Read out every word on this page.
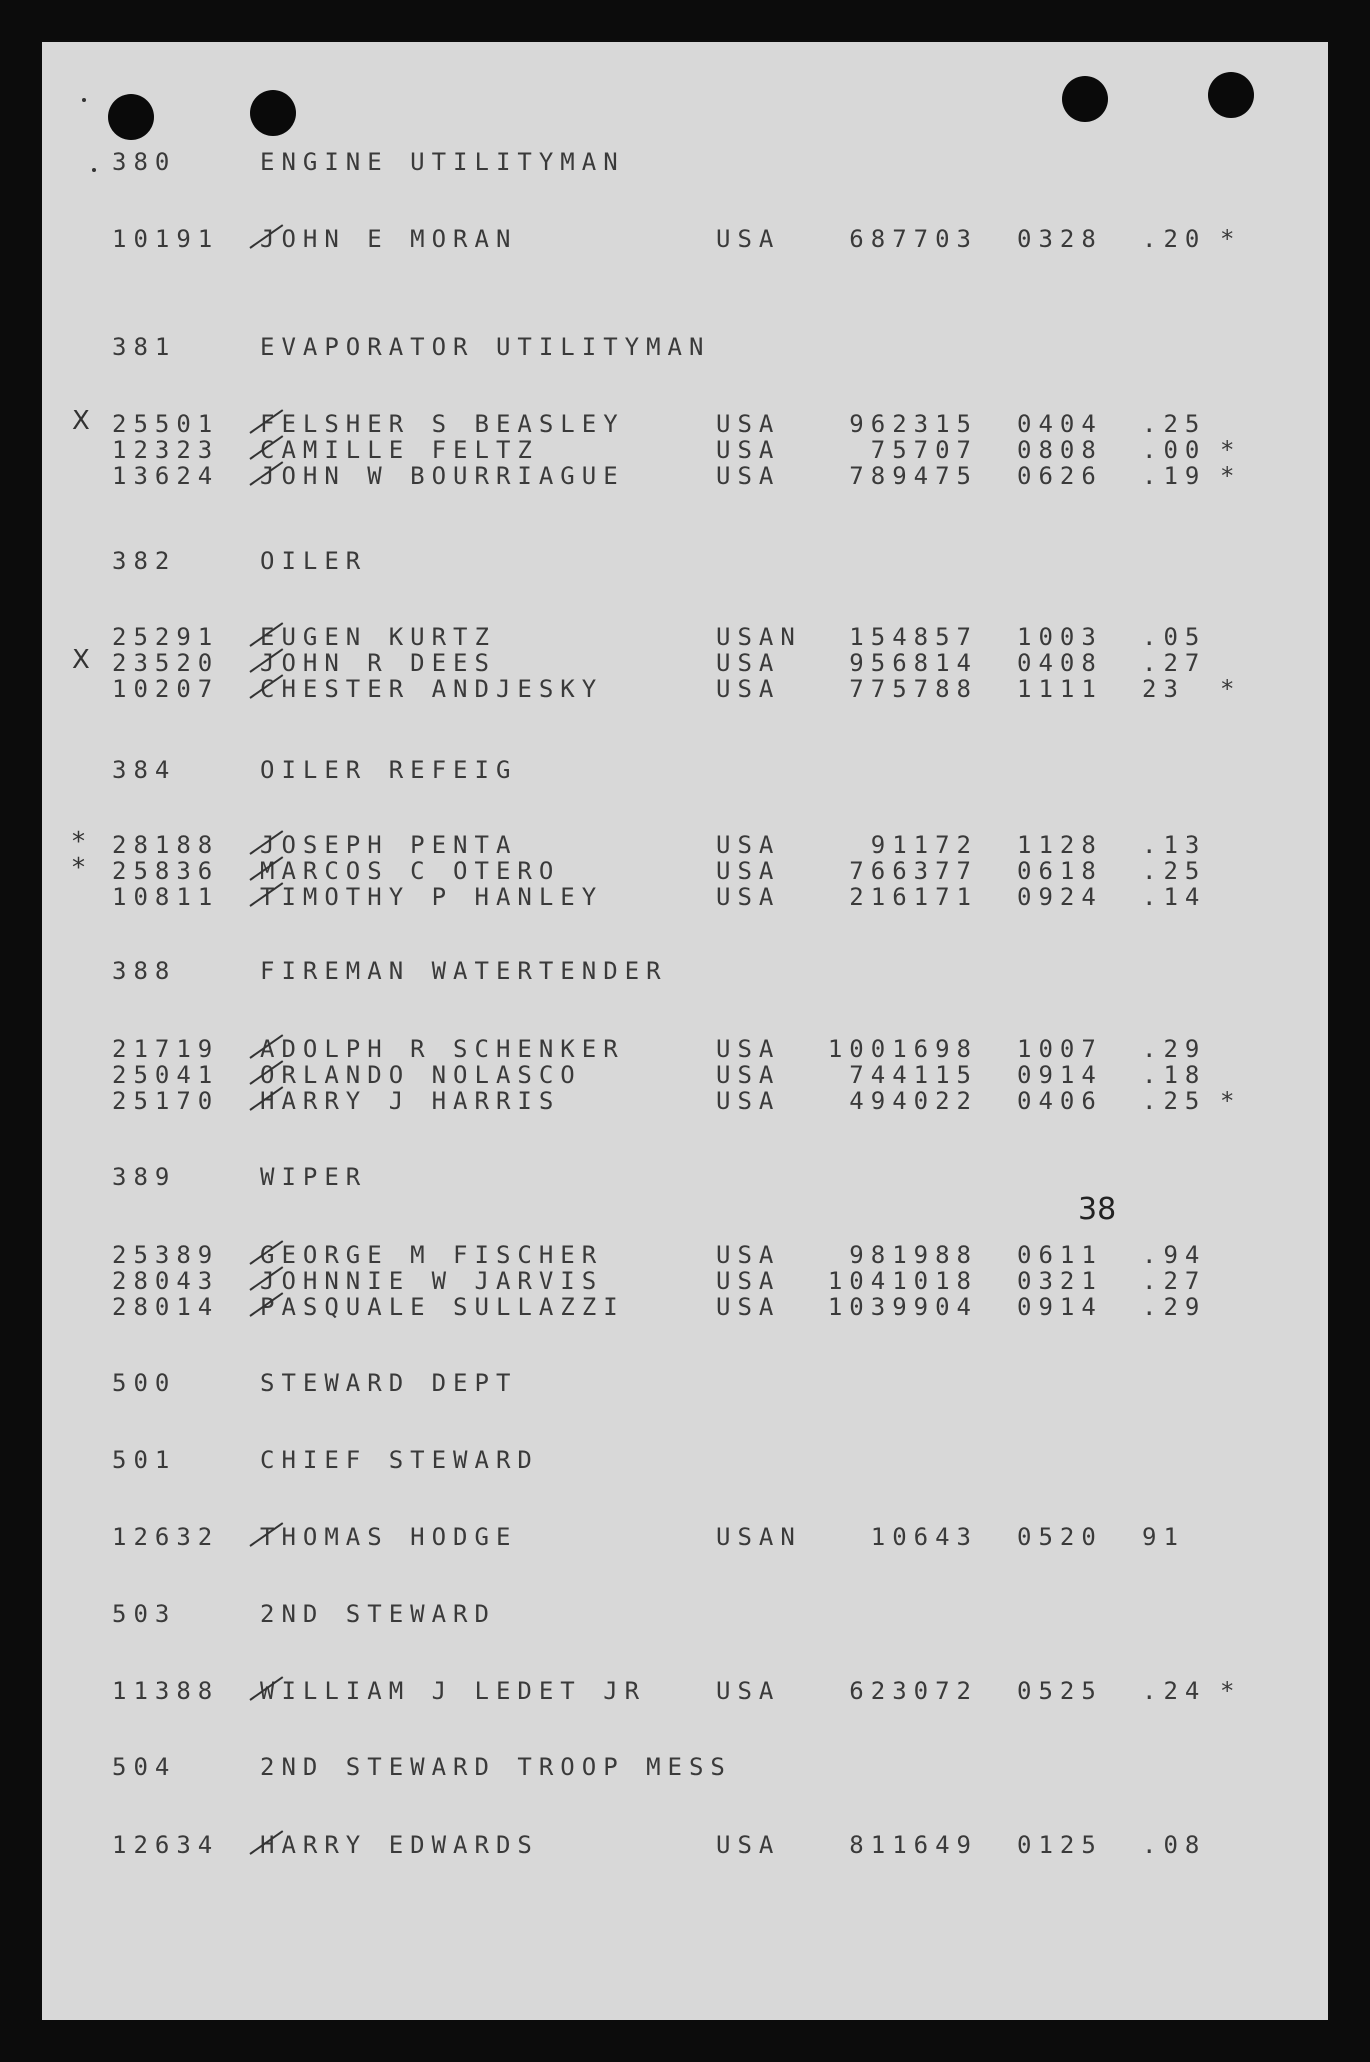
380	ENGINE UTILITYMAN
10191 JOHN E MORAN	USA	687703 0328 .20 *
381	EVAPORATOR UTILITYMAN
25501 FELSHER S BEASLEY	USA	962315 0404 .25
X
12323 CAMILLE FELTZ	USA	75707 0808 .00 *
13624 JOHN W BOURRIAGUE	USA	789475 0626 .19 *
382	OILER
25291 EUGEN KURTZ	USAN	154857 1003 .05
23520 JOHN R DEES	USA	956814 0408 .27
X
10207 CHESTER ANDJESKY	USA	775788 1111 23 *
384	OILER REFEIG
28188 JOSEPH PENTA	USA	91172 1128 .13
*
25836 MARCOS C OTERO	USA	766377 0618 .25
*
10811 TIMOTHY P HANLEY	USA	216171 0924 .14
388	FIREMAN WATERTENDER
21719 ADOLPH R SCHENKER	USA	1001698 1007 .29
25041 ORLANDO NOLASCO	USA	744115 0914 .18
25170 HARRY J HARRIS	USA	494022 0406 .25 *
389	WIPER
25389 GEORGE M FISCHER	USA	981988 0611 .94
28043 JOHNNIE W JARVIS	USA	1041018 0321 .27
28014 PASQUALE SULLAZZI	USA	1039904 0914 .29
500	STEWARD DEPT
501	CHIEF STEWARD
12632 THOMAS HODGE	USAN	10643 0520 91
503	2ND STEWARD
11388 WILLIAM J LEDET JR	USA	623072 0525 .24 *
504	2ND STEWARD TROOP MESS
12634 HARRY EDWARDS	USA	811649 0125 .08
38
